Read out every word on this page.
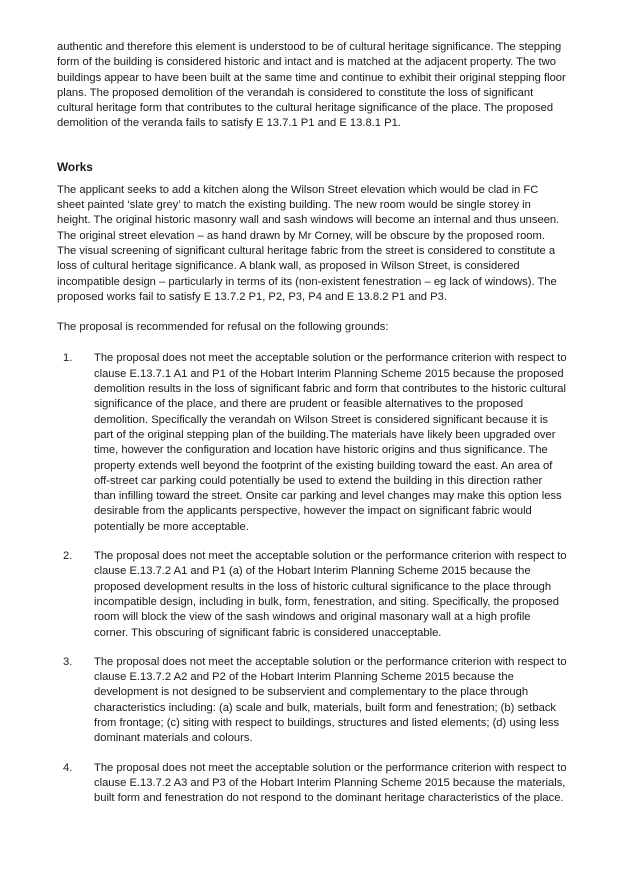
authentic and therefore this element is understood to be of cultural heritage significance. The stepping form of the building is considered historic and intact and is matched at the adjacent property. The two buildings appear to have been built at the same time and continue to exhibit their original stepping floor plans. The proposed demolition of the verandah is considered to constitute the loss of significant cultural heritage form that contributes to the cultural heritage significance of the place. The proposed demolition of the veranda fails to satisfy E 13.7.1 P1 and E 13.8.1 P1.

Works

The applicant seeks to add a kitchen along the Wilson Street elevation which would be clad in FC sheet painted ‘slate grey’ to match the existing building. The new room would be single storey in height. The original historic masonry wall and sash windows will become an internal and thus unseen. The original street elevation – as hand drawn by Mr Corney, will be obscure by the proposed room. The visual screening of significant cultural heritage fabric from the street is considered to constitute a loss of cultural heritage significance. A blank wall, as proposed in Wilson Street, is considered incompatible design – particularly in terms of its (non-existent fenestration – eg lack of windows). The proposed works fail to satisfy E 13.7.2 P1, P2, P3, P4 and E 13.8.2 P1 and P3.

The proposal is recommended for refusal on the following grounds:

1. The proposal does not meet the acceptable solution or the performance criterion with respect to clause E.13.7.1 A1 and P1 of the Hobart Interim Planning Scheme 2015 because the proposed demolition results in the loss of significant fabric and form that contributes to the historic cultural significance of the place, and there are prudent or feasible alternatives to the proposed demolition. Specifically the verandah on Wilson Street is considered significant because it is part of the original stepping plan of the building.The materials have likely been upgraded over time, however the configuration and location have historic origins and thus significance. The property extends well beyond the footprint of the existing building toward the east. An area of off-street car parking could potentially be used to extend the building in this direction rather than infilling toward the street. Onsite car parking and level changes may make this option less desirable from the applicants perspective, however the impact on significant fabric would potentially be more acceptable.

2. The proposal does not meet the acceptable solution or the performance criterion with respect to clause E.13.7.2 A1 and P1 (a) of the Hobart Interim Planning Scheme 2015 because the proposed development results in the loss of historic cultural significance to the place through incompatible design, including in bulk, form, fenestration, and siting. Specifically, the proposed room will block the view of the sash windows and original masonary wall at a high profile corner. This obscuring of significant fabric is considered unacceptable.

3. The proposal does not meet the acceptable solution or the performance criterion with respect to clause E.13.7.2 A2 and P2 of the Hobart Interim Planning Scheme 2015 because the development is not designed to be subservient and complementary to the place through characteristics including: (a) scale and bulk, materials, built form and fenestration; (b) setback from frontage; (c) siting with respect to buildings, structures and listed elements; (d) using less dominant materials and colours.

4. The proposal does not meet the acceptable solution or the performance criterion with respect to clause E.13.7.2 A3 and P3 of the Hobart Interim Planning Scheme 2015 because the materials, built form and fenestration do not respond to the dominant heritage characteristics of the place.
